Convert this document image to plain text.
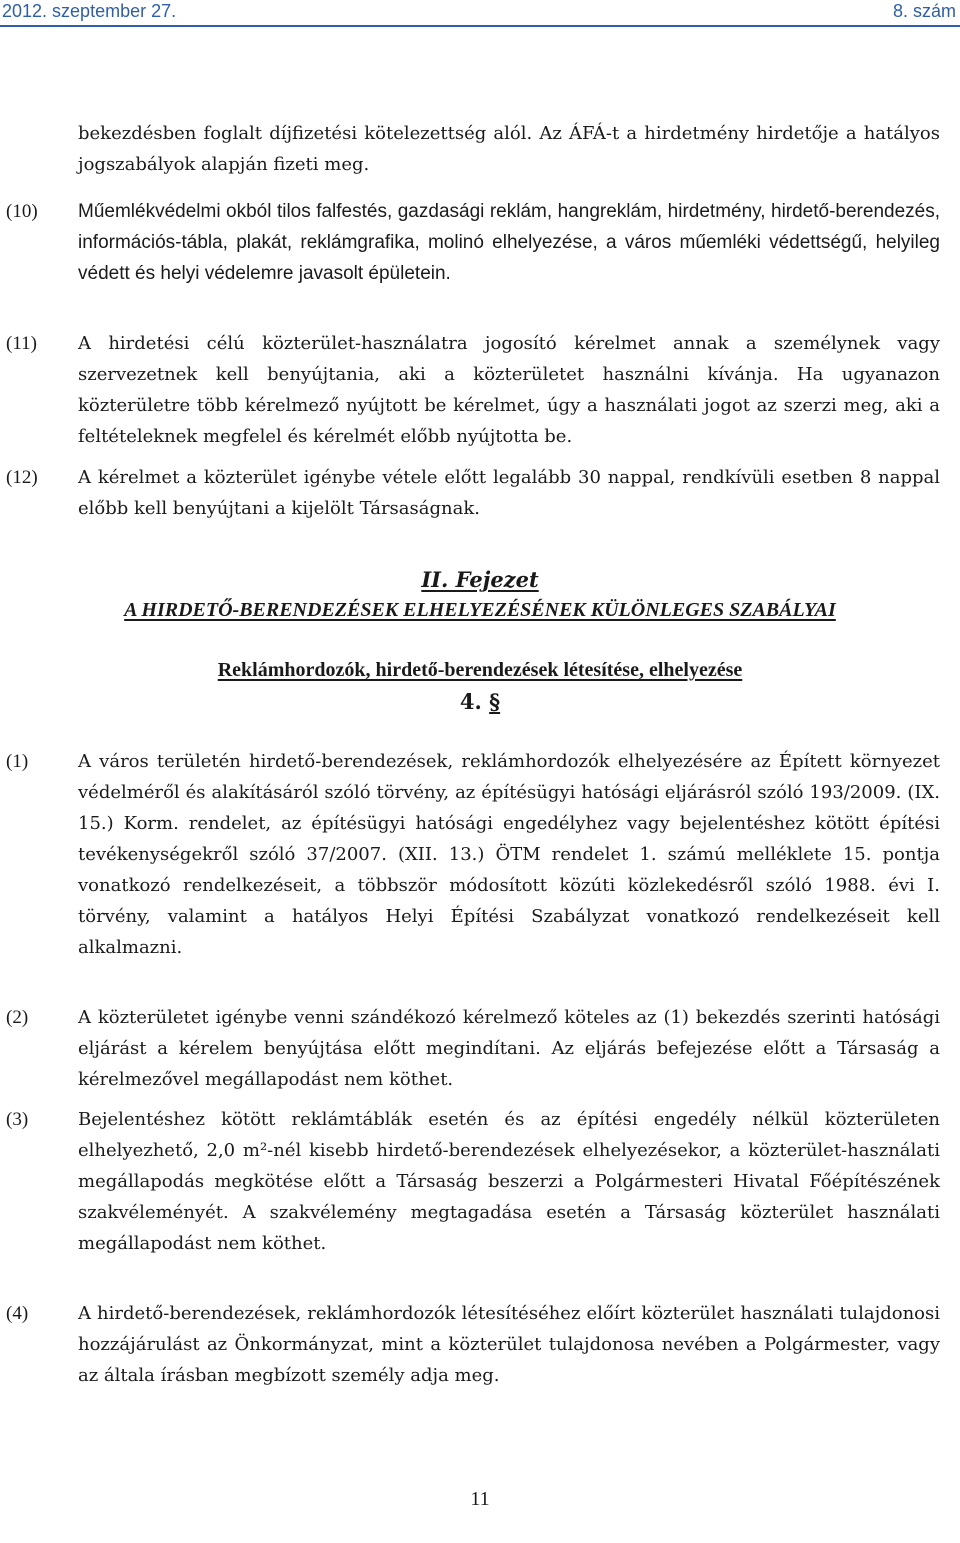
2012. szeptember 27.	8. szám

bekezdésben foglalt díjfizetési kötelezettség alól. Az ÁFÁ-t a hirdetmény hirdetője a hatályos jogszabályok alapján fizeti meg.

(10) Műemlékvédelmi okból tilos falfestés, gazdasági reklám, hangreklám, hirdetmény, hirdető-berendezés, információs-tábla, plakát, reklámgrafika, molinó elhelyezése, a város műemléki védettségű, helyileg védett és helyi védelemre javasolt épületein.

(11) A hirdetési célú közterület-használatra jogosító kérelmet annak a személynek vagy szervezetnek kell benyújtania, aki a közterületet használni kívánja. Ha ugyanazon közterületre több kérelmező nyújtott be kérelmet, úgy a használati jogot az szerzi meg, aki a feltételeknek megfelel és kérelmét előbb nyújtotta be.

(12) A kérelmet a közterület igénybe vétele előtt legalább 30 nappal, rendkívüli esetben 8 nappal előbb kell benyújtani a kijelölt Társaságnak.

II. Fejezet

A HIRDETŐ-BERENDEZÉSEK ELHELYEZÉSÉNEK KÜLÖNLEGES SZABÁLYAI

Reklámhordozók, hirdető-berendezések létesítése, elhelyezése

4. §

(1)	A város területén hirdető-berendezések, reklámhordozók elhelyezésére az Épített környezet védelméről és alakításáról szóló törvény, az építésügyi hatósági eljárásról szóló 193/2009. (IX. 15.) Korm. rendelet, az építésügyi hatósági engedélyhez vagy bejelentéshez kötött építési tevékenységekről szóló 37/2007. (XII. 13.) ÖTM rendelet 1. számú melléklete 15. pontja vonatkozó rendelkezéseit, a többször módosított közúti közlekedésről szóló 1988. évi I. törvény, valamint a hatályos Helyi Építési Szabályzat vonatkozó rendelkezéseit kell alkalmazni.

(2)	A közterületet igénybe venni szándékozó kérelmező köteles az (1) bekezdés szerinti hatósági eljárást a kérelem benyújtása előtt megindítani. Az eljárás befejezése előtt a Társaság a kérelmezővel megállapodást nem köthet.

(3)	Bejelentéshez kötött reklámtáblák esetén és az építési engedély nélkül közterületen elhelyezhető, 2,0 m²-nél kisebb hirdető-berendezések elhelyezésekor, a közterület-használati megállapodás megkötése előtt a Társaság beszerzi a Polgármesteri Hivatal Főépítészének szakvéleményét. A szakvélemény megtagadása esetén a Társaság közterület használati megállapodást nem köthet.

(4)	A hirdető-berendezések, reklámhordozók létesítéséhez előírt közterület használati tulajdonosi hozzájárulást az Önkormányzat, mint a közterület tulajdonosa nevében a Polgármester, vagy az általa írásban megbízott személy adja meg.

11
